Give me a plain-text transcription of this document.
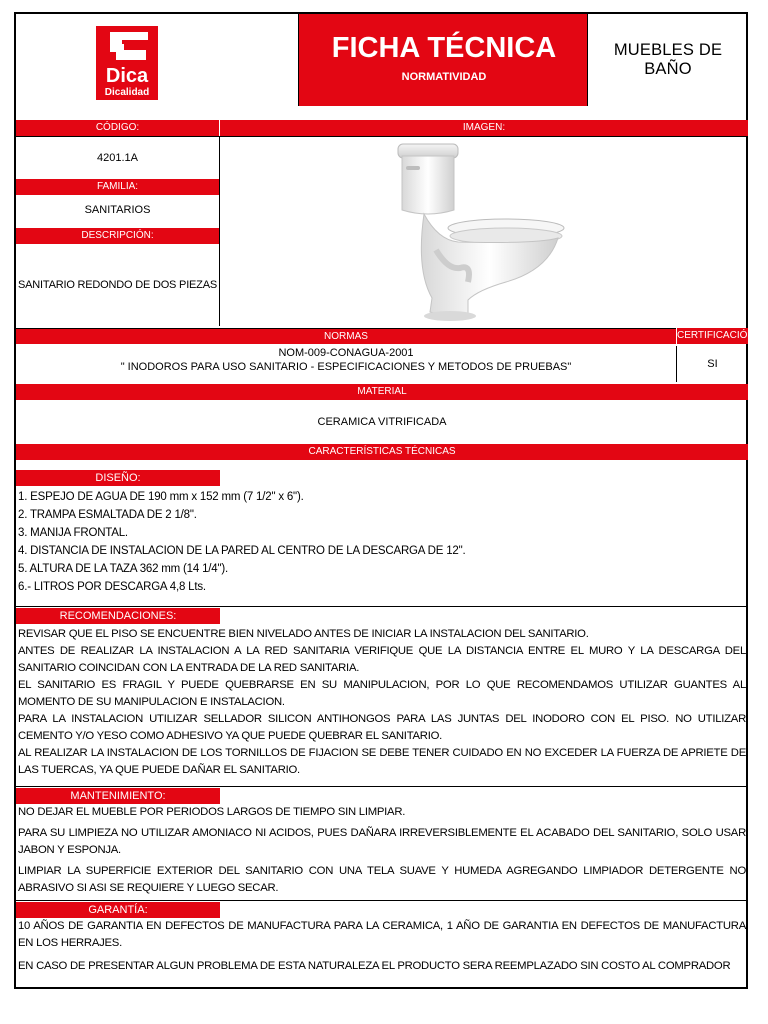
Dica
Dicalidad
FICHA TÉCNICA
NORMATIVIDAD
MUEBLES DE BAÑO
CÓDIGO:	IMAGEN:
4201.1A
FAMILIA:
SANITARIOS
DESCRIPCIÓN:
SANITARIO REDONDO DE DOS PIEZAS
NORMAS	CERTIFICACIÓN
NOM-009-CONAGUA-2001
" INODOROS PARA USO SANITARIO - ESPECIFICACIONES Y METODOS DE PRUEBAS"	SI
MATERIAL
CERAMICA VITRIFICADA
CARACTERÍSTICAS TÉCNICAS
DISEÑO:
1. ESPEJO DE AGUA DE 190 mm x 152 mm (7 1/2" x 6").
2. TRAMPA ESMALTADA DE 2 1/8".
3. MANIJA FRONTAL.
4. DISTANCIA DE INSTALACION DE LA PARED AL CENTRO DE LA DESCARGA DE 12".
5. ALTURA DE LA TAZA 362 mm (14 1/4").
6.- LITROS POR DESCARGA 4,8 Lts.
RECOMENDACIONES:
REVISAR QUE EL PISO SE ENCUENTRE BIEN NIVELADO ANTES DE INICIAR LA INSTALACION DEL SANITARIO.
ANTES DE REALIZAR LA INSTALACION A LA RED SANITARIA VERIFIQUE QUE LA DISTANCIA ENTRE EL MURO Y LA DESCARGA DEL SANITARIO COINCIDAN CON LA ENTRADA DE LA RED SANITARIA.
EL SANITARIO ES FRAGIL Y PUEDE QUEBRARSE EN SU MANIPULACION, POR LO QUE RECOMENDAMOS UTILIZAR GUANTES AL MOMENTO DE SU MANIPULACION E INSTALACION.
PARA LA INSTALACION UTILIZAR SELLADOR SILICON ANTIHONGOS PARA LAS JUNTAS DEL INODORO CON EL PISO. NO UTILIZAR CEMENTO Y/O YESO COMO ADHESIVO YA QUE PUEDE QUEBRAR EL SANITARIO.
AL REALIZAR LA INSTALACION DE LOS TORNILLOS DE FIJACION SE DEBE TENER CUIDADO EN NO EXCEDER LA FUERZA DE APRIETE DE LAS TUERCAS, YA QUE PUEDE DAÑAR EL SANITARIO.
MANTENIMIENTO:
NO DEJAR EL MUEBLE POR PERIODOS LARGOS DE TIEMPO SIN LIMPIAR.
PARA SU LIMPIEZA NO UTILIZAR AMONIACO NI ACIDOS, PUES DAÑARA IRREVERSIBLEMENTE EL ACABADO DEL SANITARIO, SOLO USAR JABON Y ESPONJA.
LIMPIAR LA SUPERFICIE EXTERIOR DEL SANITARIO CON UNA TELA SUAVE Y HUMEDA AGREGANDO LIMPIADOR DETERGENTE NO ABRASIVO SI ASI SE REQUIERE Y LUEGO SECAR.
GARANTÍA:
10 AÑOS DE GARANTIA EN DEFECTOS DE MANUFACTURA PARA LA CERAMICA, 1 AÑO DE GARANTIA EN DEFECTOS DE MANUFACTURA EN LOS HERRAJES.
EN CASO DE PRESENTAR ALGUN PROBLEMA DE ESTA NATURALEZA EL PRODUCTO SERA REEMPLAZADO SIN COSTO AL COMPRADOR
